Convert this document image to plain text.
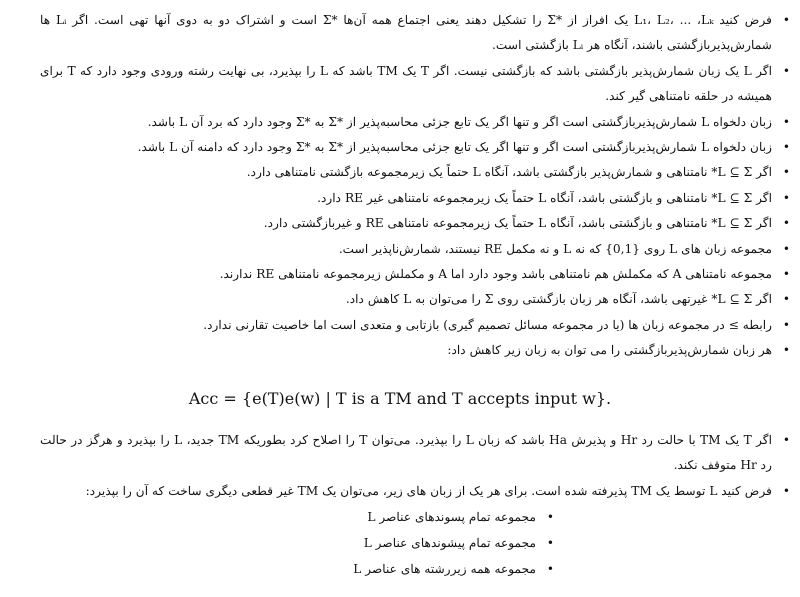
•
فرض کنید L₁، L₂، ... ،Lₖ یک افراز از *Σ را تشکیل دهند یعنی اجتماع همه آن‌ها *Σ است و اشتراک دو به دوی آنها تهی است. اگر Lᵢ ها شمارش‌پذیربازگشتی باشند، آنگاه هر Lᵢ بازگشتی است.
•
اگر L یک زبان شمارش‌پذیر بازگشتی باشد که بازگشتی نیست. اگر T یک TM باشد که L را بپذیرد، بی نهایت رشته ورودی وجود دارد که T برای همیشه در حلقه نامتناهی گیر کند.
•
زبان دلخواه L شمارش‌پذیربازگشتی است اگر و تنها اگر یک تابع جزئی محاسبه‌پذیر از *Σ به *Σ وجود دارد که برد آن L باشد.
•
زبان دلخواه L شمارش‌پذیربازگشتی است اگر و تنها اگر یک تابع جزئی محاسبه‌پذیر از *Σ به *Σ وجود دارد که دامنه آن L باشد.
•
اگر L ⊆ Σ* نامتناهی و شمارش‌پذیر بازگشتی باشد، آنگاه L حتماً یک زیرمجموعه بازگشتی نامتناهی دارد.
•
اگر L ⊆ Σ* نامتناهی و بازگشتی باشد، آنگاه L حتماً یک زیرمجموعه نامتناهی غیر RE دارد.
•
اگر L ⊆ Σ* نامتناهی و بازگشتی باشد، آنگاه L حتماً یک زیرمجموعه نامتناهی RE و غیربازگشتی دارد.
•
مجموعه زبان های L روی {0,1} که نه L و نه مکمل RE نیستند، شمارش‌ناپذیر است.
•
مجموعه نامتناهی A که مکملش هم نامتناهی باشد وجود دارد اما A و مکملش زیرمجموعه نامتناهی RE ندارند.
•
اگر L ⊆ Σ* غیرتهی باشد، آنگاه هر زبان بازگشتی روی Σ را می‌توان به L کاهش داد.
•
رابطه ≥ در مجموعه زبان ها (یا در مجموعه مسائل تصمیم گیری) بازتابی و متعدی است اما خاصیت تقارنی ندارد.
•
هر زبان شمارش‌پذیربازگشتی را می توان به زبان زیر کاهش داد:
Acc = {e(T)e(w) | T is a TM and T accepts input w}.
•
اگر T یک TM با حالت رد Hr و پذیرش Ha باشد که زبان L را بپذیرد. می‌توان T را اصلاح کرد بطوریکه TM جدید، L را بپذیرد و هرگز در حالت رد Hr متوقف نکند.
•
فرض کنید L توسط یک TM پذیرفته شده است. برای هر یک از زبان های زیر، می‌توان یک TM غیر قطعی دیگری ساخت که آن را بپذیرد:
•
مجموعه تمام پسوندهای عناصر L
•
مجموعه تمام پیشوندهای عناصر L
•
مجموعه همه زیررشته های عناصر L
